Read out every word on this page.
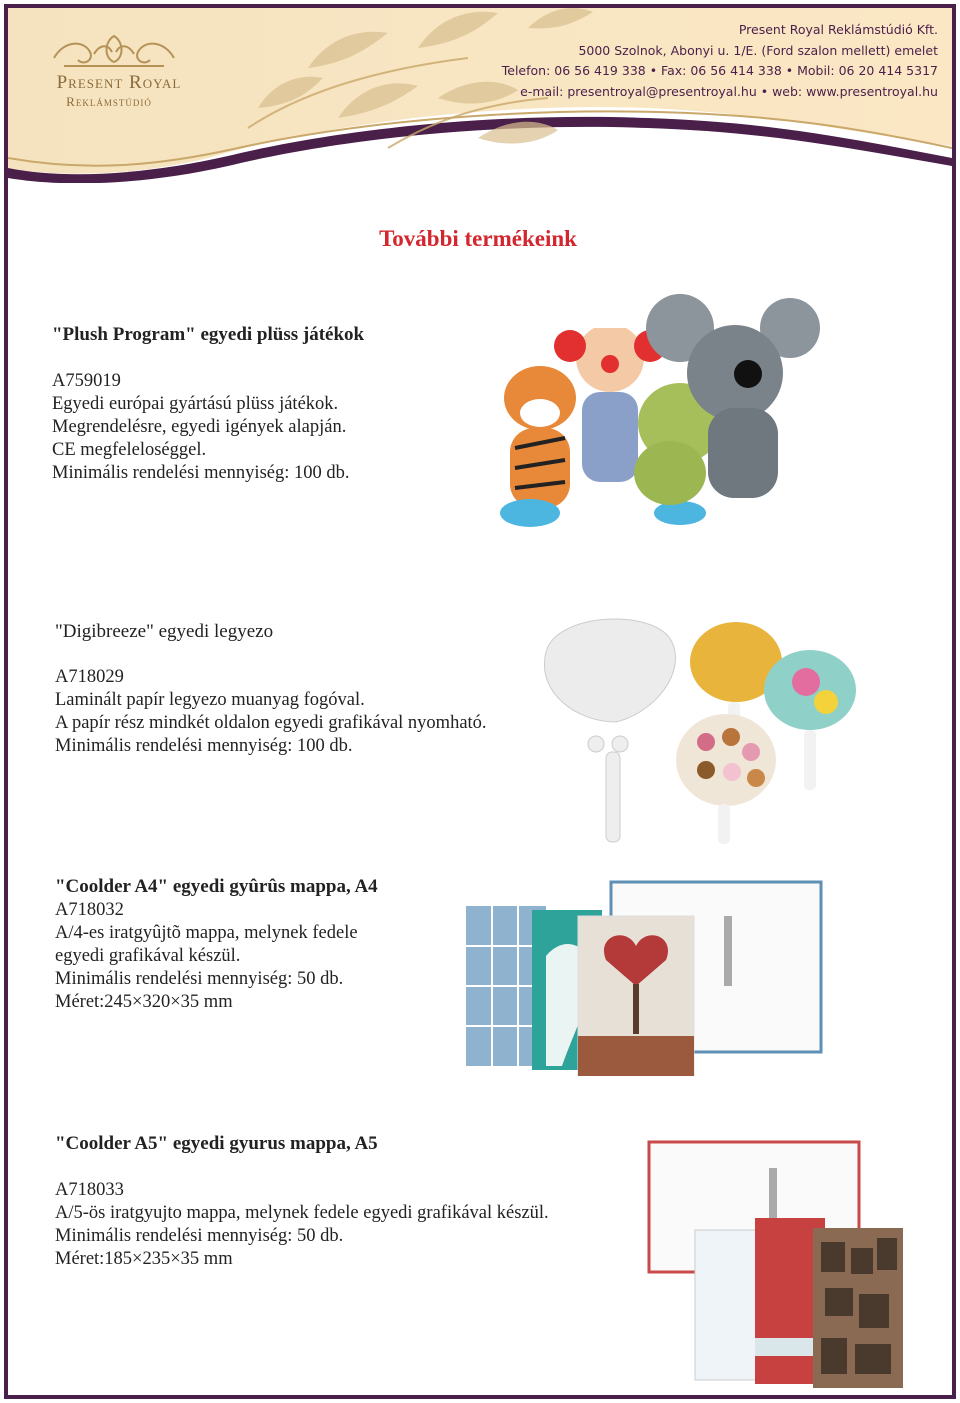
Present Royal
Reklámstúdió
Present Royal Reklámstúdió Kft.
5000 Szolnok, Abonyi u. 1/E. (Ford szalon mellett) emelet
Telefon: 06 56 419 338 • Fax: 06 56 414 338 • Mobil: 06 20 414 5317
e-mail: presentroyal@presentroyal.hu • web: www.presentroyal.hu
További termékeink

"Plush Program" egyedi plüss játékok

A759019

Egyedi európai gyártású plüss játékok.

Megrendelésre, egyedi igények alapján.

CE megfeleloséggel.

Minimális rendelési mennyiség: 100 db.

"Digibreeze" egyedi legyezo

A718029

Laminált papír legyezo muanyag fogóval.

A papír rész mindkét oldalon egyedi grafikával nyomható.

Minimális rendelési mennyiség: 100 db.

"Coolder A4" egyedi gyûrûs mappa, A4

A718032

A/4-es iratgyûjtõ mappa, melynek fedele

egyedi grafikával készül.

Minimális rendelési mennyiség: 50 db.

Méret:245×320×35 mm

"Coolder A5" egyedi gyurus mappa, A5

A718033

A/5-ös iratgyujto mappa, melynek fedele egyedi grafikával készül.

Minimális rendelési mennyiség: 50 db.

Méret:185×235×35 mm
